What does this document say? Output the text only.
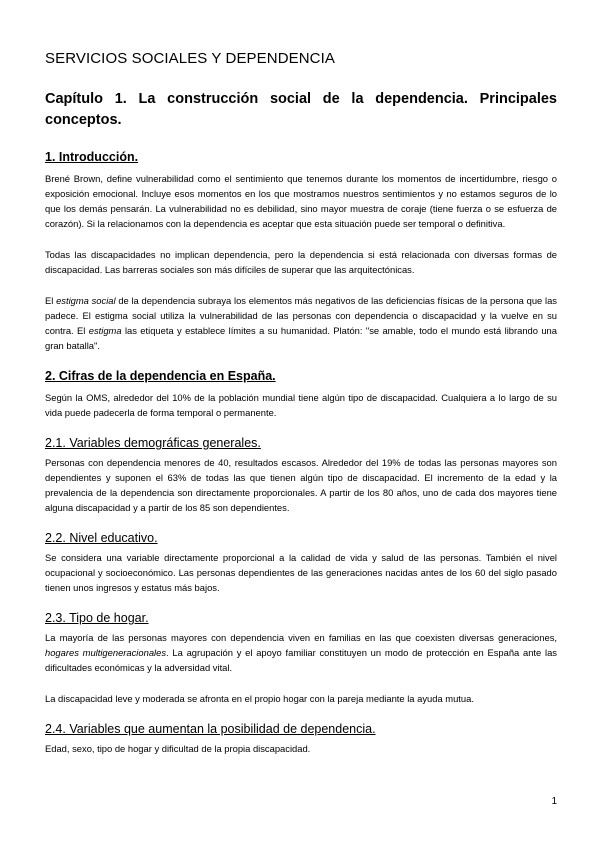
SERVICIOS SOCIALES Y DEPENDENCIA
Capítulo 1. La construcción social de la dependencia. Principales conceptos.
1. Introducción.

Brené Brown, define vulnerabilidad como el sentimiento que tenemos durante los momentos de incertidumbre, riesgo o exposición emocional. Incluye esos momentos en los que mostramos nuestros sentimientos y no estamos seguros de lo que los demás pensarán. La vulnerabilidad no es debilidad, sino mayor muestra de coraje (tiene fuerza o se esfuerza de corazón). Si la relacionamos con la dependencia es aceptar que esta situación puede ser temporal o definitiva.

Todas las discapacidades no implican dependencia, pero la dependencia si está relacionada con diversas formas de discapacidad. Las barreras sociales son más difíciles de superar que las arquitectónicas.

El estigma social de la dependencia subraya los elementos más negativos de las deficiencias físicas de la persona que las padece. El estigma social utiliza la vulnerabilidad de las personas con dependencia o discapacidad y la vuelve en su contra. El estigma las etiqueta y establece límites a su humanidad. Platón: "se amable, todo el mundo está librando una gran batalla".

2. Cifras de la dependencia en España.

Según la OMS, alrededor del 10% de la población mundial tiene algún tipo de discapacidad. Cualquiera a lo largo de su vida puede padecerla de forma temporal o permanente.

2.1. Variables demográficas generales.

Personas con dependencia menores de 40, resultados escasos. Alrededor del 19% de todas las personas mayores son dependientes y suponen el 63% de todas las que tienen algún tipo de discapacidad. El incremento de la edad y la prevalencia de la dependencia son directamente proporcionales. A partir de los 80 años, uno de cada dos mayores tiene alguna discapacidad y a partir de los 85 son dependientes.

2.2. Nivel educativo.

Se considera una variable directamente proporcional a la calidad de vida y salud de las personas. También el nivel ocupacional y socioeconómico. Las personas dependientes de las generaciones nacidas antes de los 60 del siglo pasado tienen unos ingresos y estatus más bajos.

2.3. Tipo de hogar.

La mayoría de las personas mayores con dependencia viven en familias en las que coexisten diversas generaciones, hogares multigeneracionales. La agrupación y el apoyo familiar constituyen un modo de protección en España ante las dificultades económicas y la adversidad vital.

La discapacidad leve y moderada se afronta en el propio hogar con la pareja mediante la ayuda mutua.

2.4. Variables que aumentan la posibilidad de dependencia.

Edad, sexo, tipo de hogar y dificultad de la propia discapacidad.

1
